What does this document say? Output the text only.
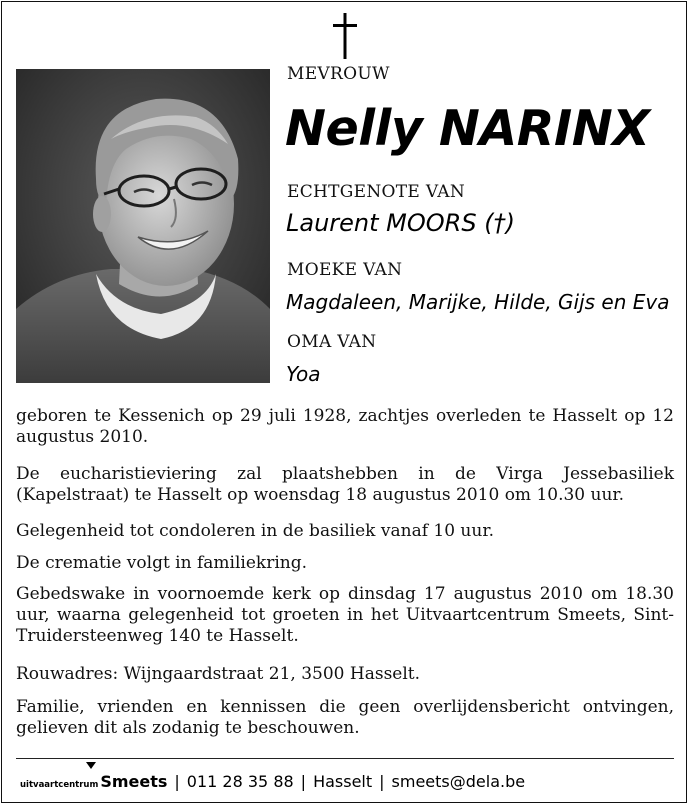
MEVROUW
Nelly NARINX
ECHTGENOTE VAN
Laurent MOORS (†)
MOEKE VAN
Magdaleen, Marijke, Hilde, Gijs en Eva
OMA VAN
Yoa

geboren te Kessenich op 29 juli 1928, zachtjes overleden te Hasselt op 12 augustus 2010.

De eucharistieviering zal plaatshebben in de Virga Jessebasiliek (Kapelstraat) te Hasselt op woensdag 18 augustus 2010 om 10.30 uur.

Gelegenheid tot condoleren in de basiliek vanaf 10 uur.

De crematie volgt in familiekring.

Gebedswake in voornoemde kerk op dinsdag 17 augustus 2010 om 18.30 uur, waarna gelegenheid tot groeten in het Uitvaartcentrum Smeets, Sint-Truidersteenweg 140 te Hasselt.

Rouwadres: Wijngaardstraat 21, 3500 Hasselt.

Familie, vrienden en kennissen die geen overlijdensbericht ontvingen, gelieven dit als zodanig te beschouwen.

uitvaartcentrum Smeets | 011 28 35 88 | Hasselt | smeets@dela.be
